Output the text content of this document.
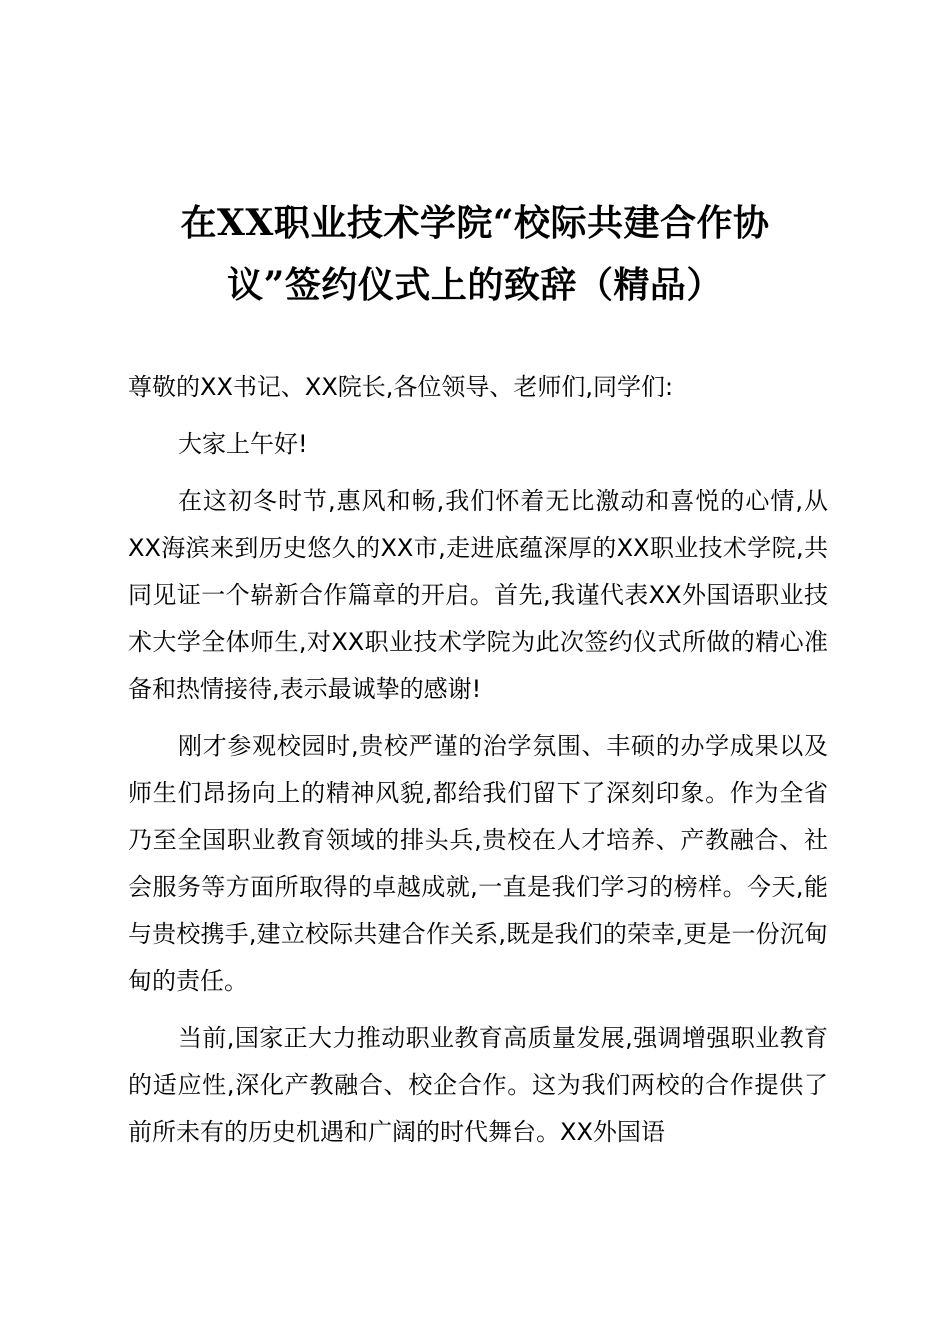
在XX职业技术学院“校际共建合作协
议”签约仪式上的致辞（精品）

尊敬的XX书记、XX院长,各位领导、老师们,同学们:

大家上午好!

在这初冬时节,惠风和畅,我们怀着无比激动和喜悦的心情,从XX海滨来到历史悠久的XX市,走进底蕴深厚的XX职业技术学院,共同见证一个崭新合作篇章的开启。首先,我谨代表XX外国语职业技术大学全体师生,对XX职业技术学院为此次签约仪式所做的精心准备和热情接待,表示最诚挚的感谢!

刚才参观校园时,贵校严谨的治学氛围、丰硕的办学成果以及师生们昂扬向上的精神风貌,都给我们留下了深刻印象。作为全省乃至全国职业教育领域的排头兵,贵校在人才培养、产教融合、社会服务等方面所取得的卓越成就,一直是我们学习的榜样。今天,能与贵校携手,建立校际共建合作关系,既是我们的荣幸,更是一份沉甸甸的责任。

当前,国家正大力推动职业教育高质量发展,强调增强职业教育的适应性,深化产教融合、校企合作。这为我们两校的合作提供了前所未有的历史机遇和广阔的时代舞台。XX外国语
